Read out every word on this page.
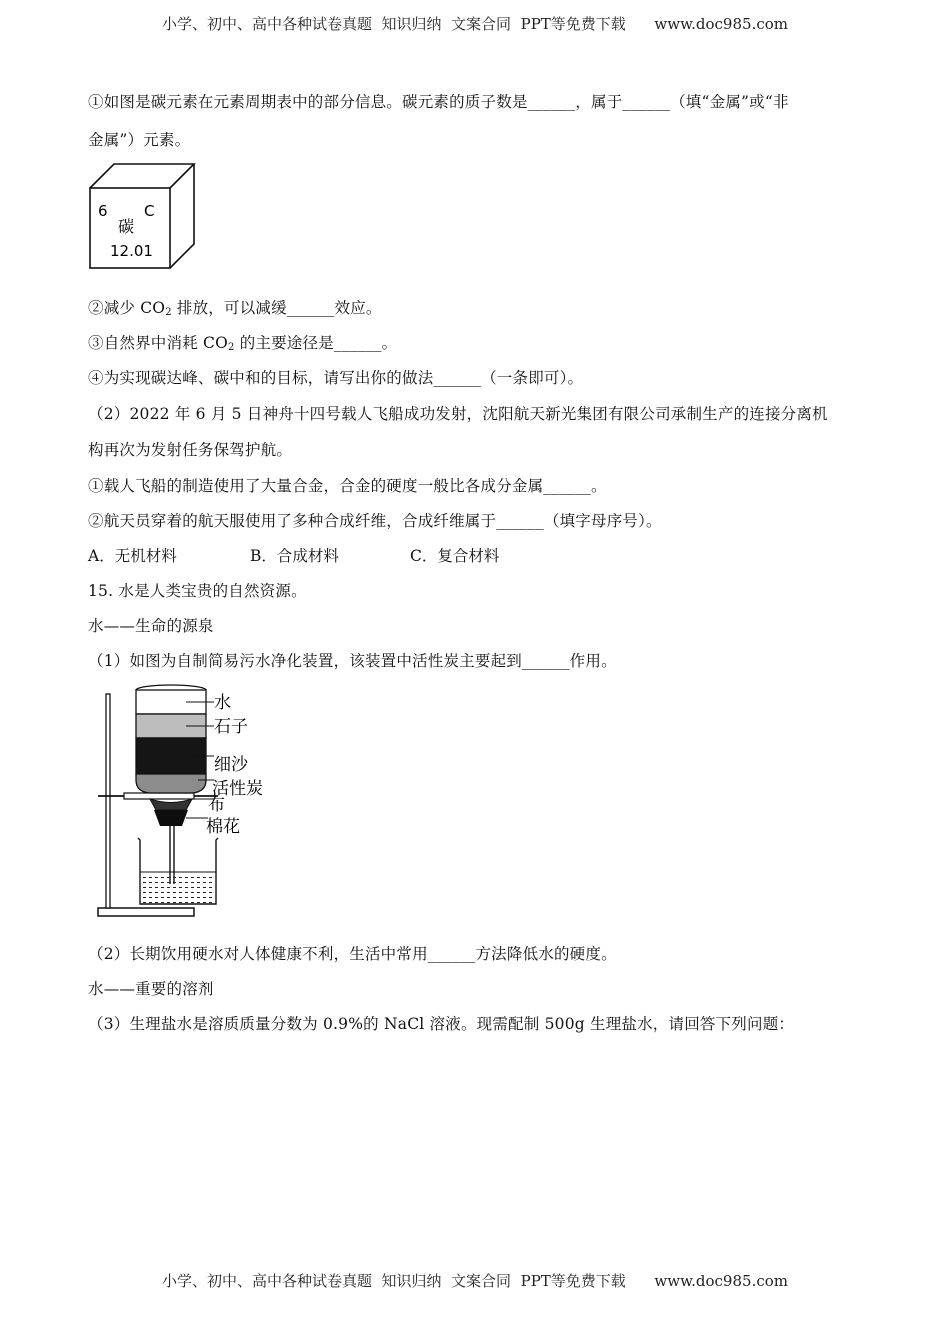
小学、初中、高中各种试卷真题  知识归纳  文案合同  PPT等免费下载      www.doc985.com
①如图是碳元素在元素周期表中的部分信息。碳元素的质子数是______，属于______（填“金属”或“非
金属”）元素。
6 C
碳
12.01
②减少 $CO_2$ 排放，可以减缓______效应。
③自然界中消耗 $CO_2$ 的主要途径是______。
④为实现碳达峰、碳中和的目标，请写出你的做法______（一条即可）。
（2）2022 年 6 月 5 日神舟十四号载人飞船成功发射，沈阳航天新光集团有限公司承制生产的连接分离机
构再次为发射任务保驾护航。
①载人飞船的制造使用了大量合金，合金的硬度一般比各成分金属______。
②航天员穿着的航天服使用了多种合成纤维，合成纤维属于______（填字母序号）。
A．无机材料	B．合成材料	C．复合材料
15. 水是人类宝贵的自然资源。
水——生命的源泉
（1）如图为自制简易污水净化装置，该装置中活性炭主要起到______作用。
水
石子
细沙
活性炭
布
棉花
（2）长期饮用硬水对人体健康不利，生活中常用______方法降低水的硬度。
水——重要的溶剂
（3）生理盐水是溶质质量分数为 0.9%的 NaCl 溶液。现需配制 500g 生理盐水，请回答下列问题：
小学、初中、高中各种试卷真题  知识归纳  文案合同  PPT等免费下载      www.doc985.com
